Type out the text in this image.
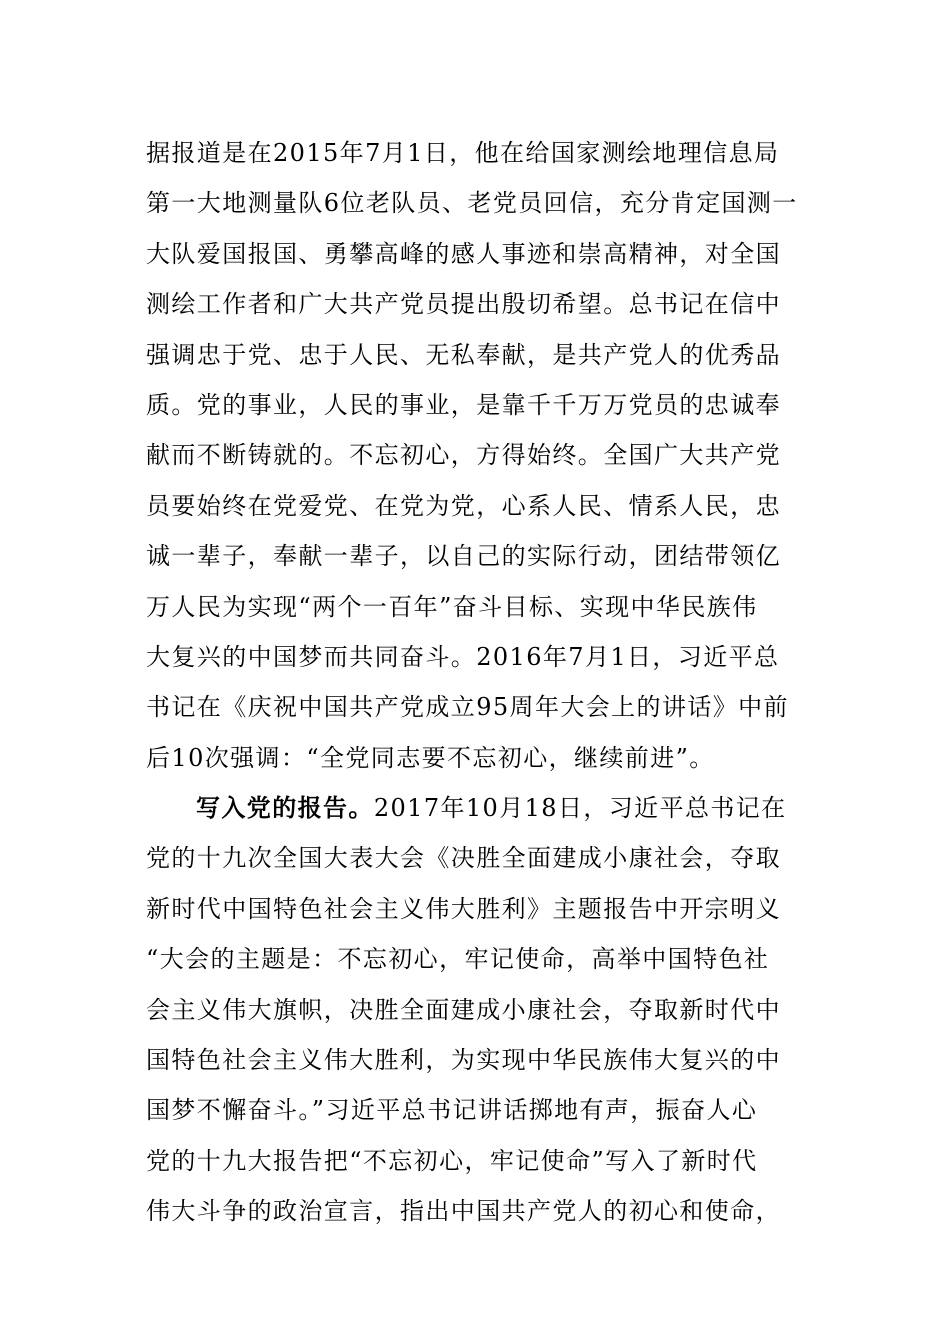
据报道是在2015年7月1日，他在给国家测绘地理信息局
第一大地测量队6位老队员、老党员回信，充分肯定国测一
大队爱国报国、勇攀高峰的感人事迹和崇高精神，对全国
测绘工作者和广大共产党员提出殷切希望。总书记在信中
强调忠于党、忠于人民、无私奉献，是共产党人的优秀品
质。党的事业，人民的事业，是靠千千万万党员的忠诚奉
献而不断铸就的。不忘初心，方得始终。全国广大共产党
员要始终在党爱党、在党为党，心系人民、情系人民，忠
诚一辈子，奉献一辈子，以自己的实际行动，团结带领亿
万人民为实现“两个一百年”奋斗目标、实现中华民族伟
大复兴的中国梦而共同奋斗。2016年7月1日，习近平总
书记在《庆祝中国共产党成立95周年大会上的讲话》中前
后10次强调：“全党同志要不忘初心，继续前进”。
写入党的报告。2017年10月18日，习近平总书记在
党的十九次全国大表大会《决胜全面建成小康社会，夺取
新时代中国特色社会主义伟大胜利》主题报告中开宗明义
“大会的主题是：不忘初心，牢记使命，高举中国特色社
会主义伟大旗帜，决胜全面建成小康社会，夺取新时代中
国特色社会主义伟大胜利，为实现中华民族伟大复兴的中
国梦不懈奋斗。”习近平总书记讲话掷地有声，振奋人心
党的十九大报告把“不忘初心，牢记使命”写入了新时代
伟大斗争的政治宣言，指出中国共产党人的初心和使命，
